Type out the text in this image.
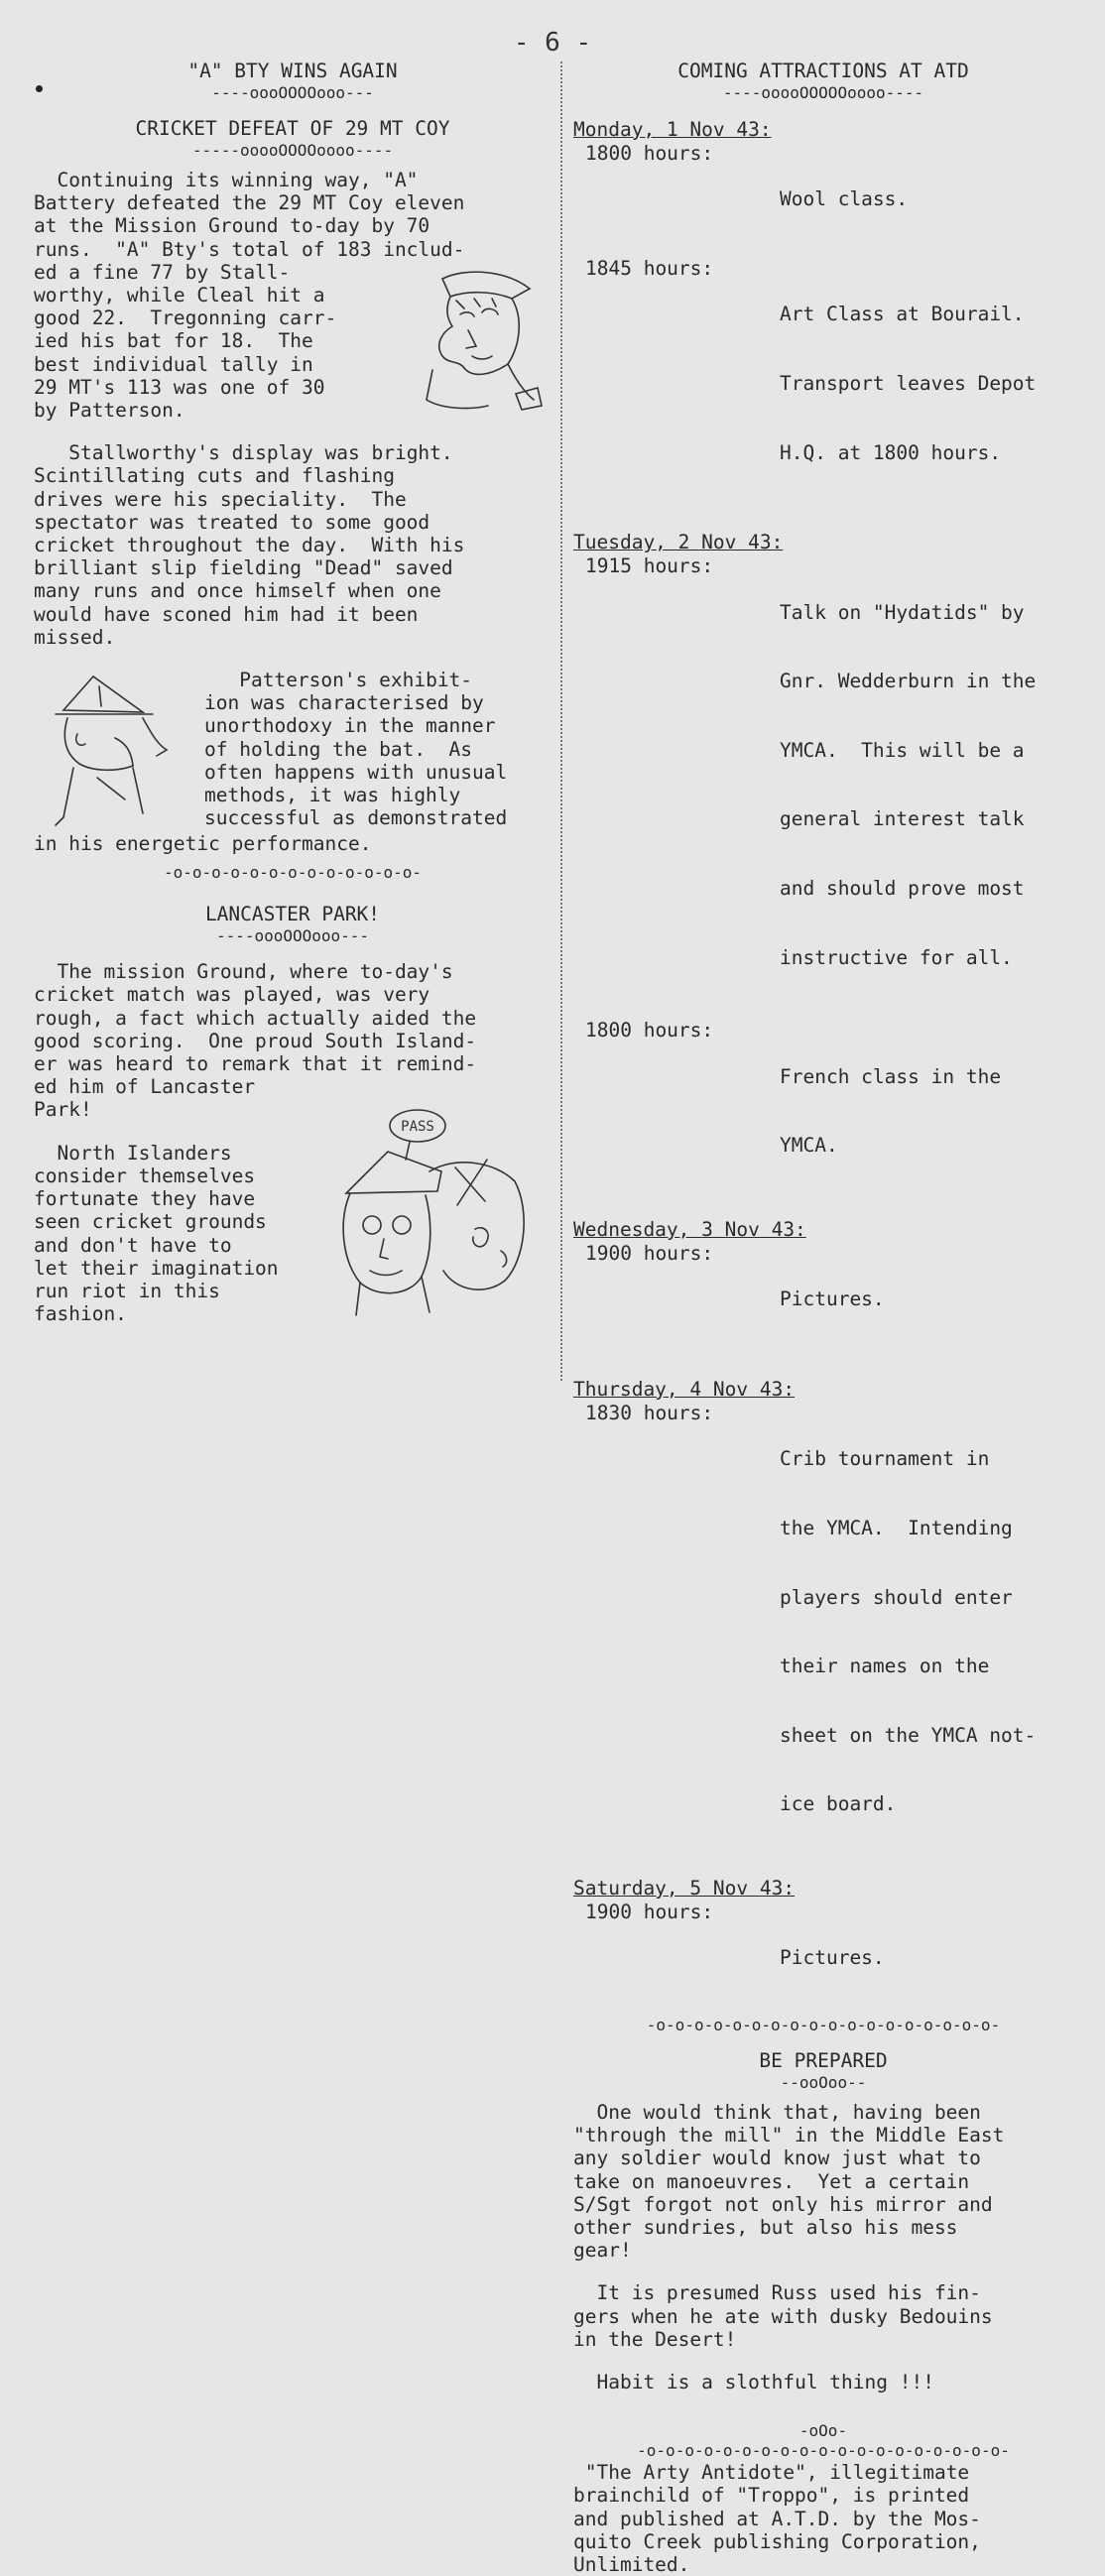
- 6 -

"A" BTY WINS AGAIN

----oooOOOOooo---

CRICKET DEFEAT OF 29 MT COY

-----ooooOOOOoooo----

Continuing its winning way, "A"

Battery defeated the 29 MT Coy eleven

at the Mission Ground to-day by 70

runs.  "A" Bty's total of 183 includ-

ed a fine 77 by Stall-

worthy, while Cleal hit a

good 22.  Tregonning carr-

ied his bat for 18.  The

best individual tally in

29 MT's 113 was one of 30

by Patterson.

Stallworthy's display was bright.

Scintillating cuts and flashing

drives were his speciality.  The

spectator was treated to some good

cricket throughout the day.  With his

brilliant slip fielding "Dead" saved

many runs and once himself when one

would have sconed him had it been

missed.

Patterson's exhibit-

ion was characterised by

unorthodoxy in the manner

of holding the bat.  As

often happens with unusual

methods, it was highly

successful as demonstrated

in his energetic performance.

-o-o-o-o-o-o-o-o-o-o-o-o-o-

LANCASTER PARK!

----oooOOOooo---

The mission Ground, where to-day's

cricket match was played, was very

rough, a fact which actually aided the

good scoring.  One proud South Island-

er was heard to remark that it remind-

ed him of Lancaster

Park!

North Islanders

consider themselves

fortunate they have

seen cricket grounds

and don't have to

let their imagination

run riot in this

fashion.

PASS

COMING ATTRACTIONS AT ATD

----ooooOOOOOoooo----

Monday, 1 Nov 43:

1800 hours:

Wool class.

1845 hours:

Art Class at Bourail.

Transport leaves Depot

H.Q. at 1800 hours.

Tuesday, 2 Nov 43:

1915 hours:

Talk on "Hydatids" by

Gnr. Wedderburn in the

YMCA.  This will be a

general interest talk

and should prove most

instructive for all.

1800 hours:

French class in the

YMCA.

Wednesday, 3 Nov 43:

1900 hours:

Pictures.

Thursday, 4 Nov 43:

1830 hours:

Crib tournament in

the YMCA.  Intending

players should enter

their names on the

sheet on the YMCA not-

ice board.

Saturday, 5 Nov 43:

1900 hours:

Pictures.

-o-o-o-o-o-o-o-o-o-o-o-o-o-o-o-o-o-o-

BE PREPARED

--ooOoo--

One would think that, having been

"through the mill" in the Middle East

any soldier would know just what to

take on manoeuvres.  Yet a certain

S/Sgt forgot not only his mirror and

other sundries, but also his mess

gear!

It is presumed Russ used his fin-

gers when he ate with dusky Bedouins

in the Desert!

Habit is a slothful thing !!!

-oOo-

-o-o-o-o-o-o-o-o-o-o-o-o-o-o-o-o-o-o-o-

"The Arty Antidote", illegitimate

brainchild of "Troppo", is printed

and published at A.T.D. by the Mos-

quito Creek publishing Corporation,

Unlimited.
